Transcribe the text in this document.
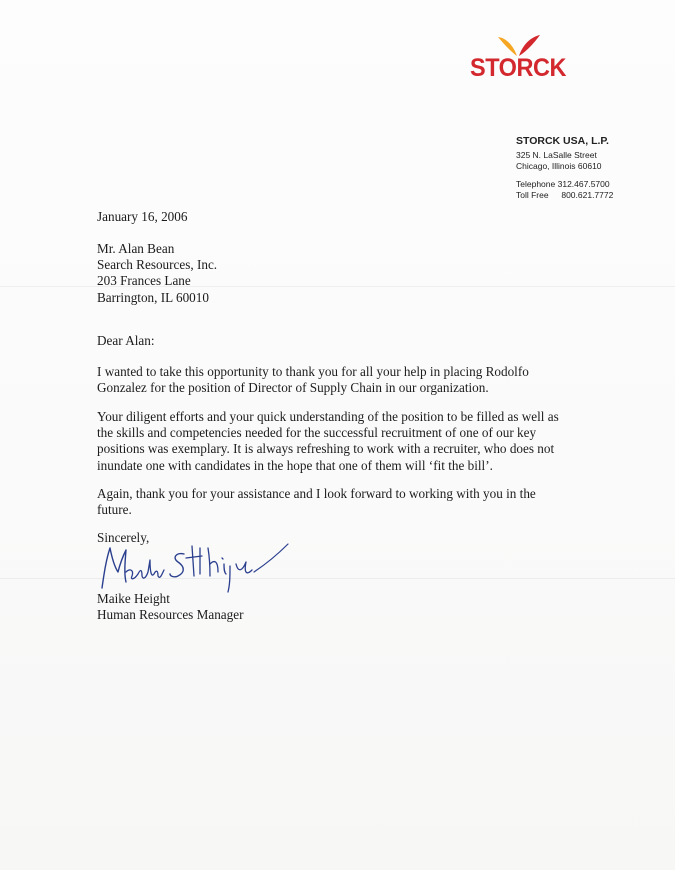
STORCK
STORCK USA, L.P.
325 N. LaSalle Street
Chicago, Illinois 60610
Telephone 312.467.5700
Toll Free 800.621.7772
January 16, 2006
Mr. Alan Bean
Search Resources, Inc.
203 Frances Lane
Barrington, IL 60010
Dear Alan:
I wanted to take this opportunity to thank you for all your help in placing Rodolfo
Gonzalez for the position of Director of Supply Chain in our organization.
Your diligent efforts and your quick understanding of the position to be filled as well as
the skills and competencies needed for the successful recruitment of one of our key
positions was exemplary. It is always refreshing to work with a recruiter, who does not
inundate one with candidates in the hope that one of them will ‘fit the bill’.
Again, thank you for your assistance and I look forward to working with you in the
future.
Sincerely,
Maike Height
Human Resources Manager
